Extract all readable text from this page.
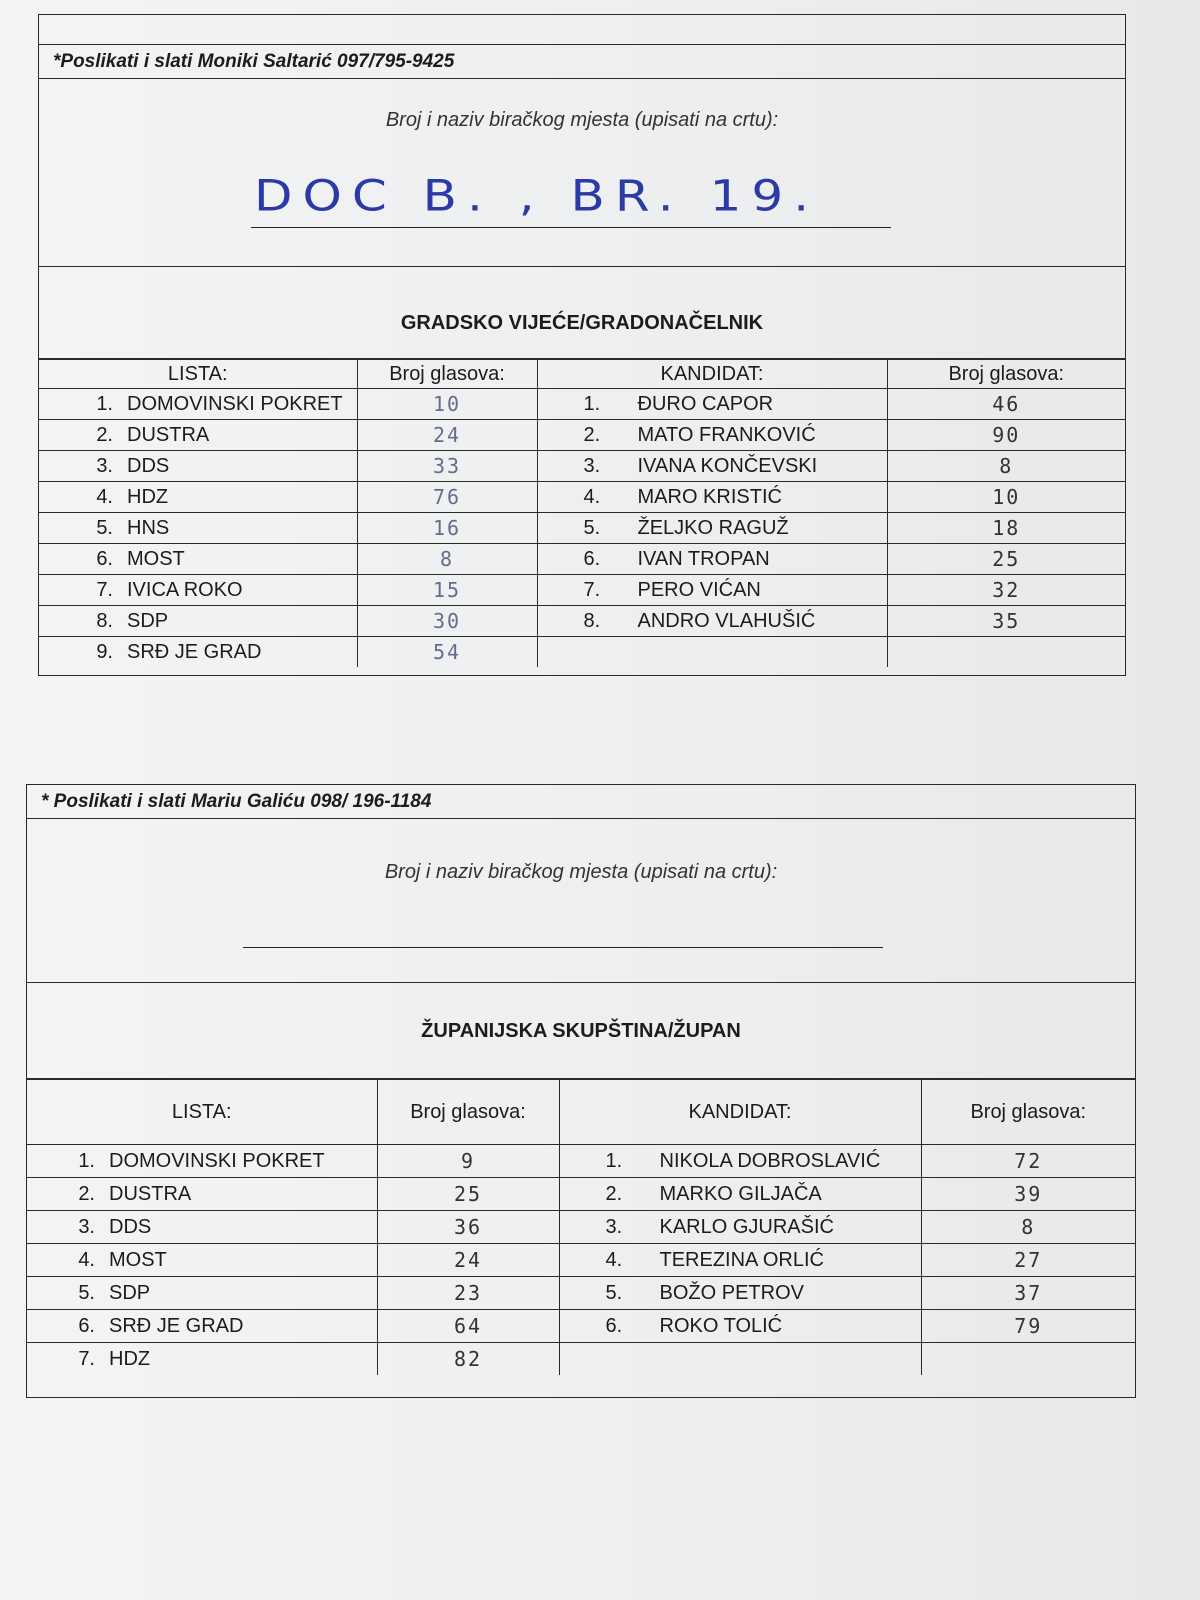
*Poslikati i slati Moniki Saltarić 097/795-9425
Broj i naziv biračkog mjesta (upisati na crtu):
DOC B. , BR. 19.
GRADSKO VIJEĆE/GRADONAČELNIK
LISTA:	Broj glasova:	KANDIDAT:	Broj glasova:
1. DOMOVINSKI POKRET	10	1. ĐURO CAPOR	46
2. DUSTRA	24	2. MATO FRANKOVIĆ	90
3. DDS	33	3. IVANA KONČEVSKI	8
4. HDZ	76	4. MARO KRISTIĆ	10
5. HNS	16	5. ŽELJKO RAGUŽ	18
6. MOST	8	6. IVAN TROPAN	25
7. IVICA ROKO	15	7. PERO VIĆAN	32
8. SDP	30	8. ANDRO VLAHUŠIĆ	35
9. SRĐ JE GRAD	54		
* Poslikati i slati Mariu Galiću 098/ 196-1184
Broj i naziv biračkog mjesta (upisati na crtu):
ŽUPANIJSKA SKUPŠTINA/ŽUPAN
LISTA:	Broj glasova:	KANDIDAT:	Broj glasova:
1. DOMOVINSKI POKRET	9	1. NIKOLA DOBROSLAVIĆ	72
2. DUSTRA	25	2. MARKO GILJAČA	39
3. DDS	36	3. KARLO GJURAŠIĆ	8
4. MOST	24	4. TEREZINA ORLIĆ	27
5. SDP	23	5. BOŽO PETROV	37
6. SRĐ JE GRAD	64	6. ROKO TOLIĆ	79
7. HDZ	82		
